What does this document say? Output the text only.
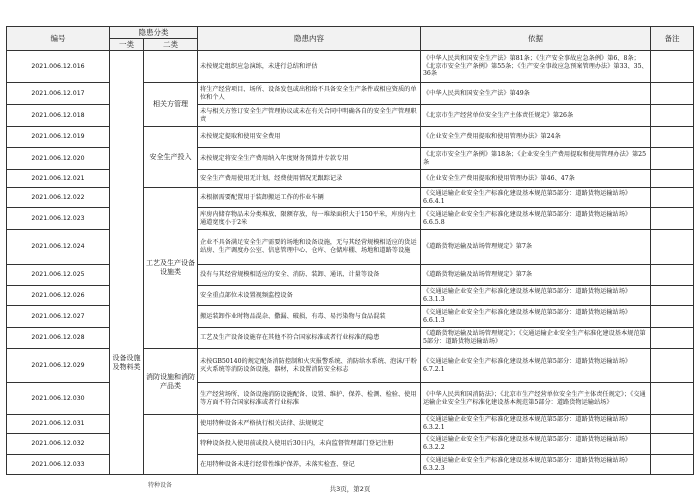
编号	隐患分类		隐患内容	依据	备注
	一类	二类			
2021.006.12.016	设备设施及物料类		未按规定组织应急演练，未进行总结和评估	《中华人民共和国安全生产法》第81条；《生产安全事故应急条例》第6、8条；《北京市安全生产条例》第55条；《生产安全事故应急预案管理办法》第33、35、36条	
2021.006.12.017		相关方管理	将生产经营项目、场所、设备发包或出租给不具备安全生产条件或相应资质的单位和个人	《中华人民共和国安全生产法》第49条	
2021.006.12.018			未与相关方签订安全生产管理协议或未在有关合同中明确各自的安全生产管理职责	《北京市生产经营单位安全生产主体责任规定》第26条	
2021.006.12.019		安全生产投入	未按规定提取和使用安全费用	《企业安全生产费用提取和使用管理办法》第24条	
2021.006.12.020			未按规定将安全生产费用纳入年度财务预算并专款专用	《北京市安全生产条例》第18条；《企业安全生产费用提取和使用管理办法》第25条	
2021.006.12.021			安全生产费用使用无计划，经费使用情况无跟踪记录	《企业安全生产费用提取和使用管理办法》第46、47条	
2021.006.12.022		工艺及生产设备设施类	未根据需要配置用于装卸搬运工作的作业车辆	《交通运输企业安全生产标准化建设基本规范第5部分：道路货物运输站场》6.6.4.1	
2021.006.12.023			库房内储存物品未分类堆放、限额存放，每一堆垛面积大于150平米，库房内主通道宽度小于2米	《交通运输企业安全生产标准化建设基本规范第5部分：道路货物运输站场》6.6.5.8	
2021.006.12.024			企业不具备满足安全生产需要的场地和设备设施，无与其经营规模相适应的货运站房、生产调度办公室、信息管理中心、仓库、仓储库棚、场地和道路等设施	《道路货物运输及站场管理规定》第7条	
2021.006.12.025			没有与其经营规模相适应的安全、消防、装卸、通讯、计量等设备	《道路货物运输及站场管理规定》第7条	
2021.006.12.026			安全重点部位未设置视频监控设备	《交通运输企业安全生产标准化建设基本规范第5部分：道路货物运输站场》6.3.1.3	
2021.006.12.027			搬运装卸作业时物品混杂、撒漏、破损，有毒、易污染物与食品混装	《交通运输企业安全生产标准化建设基本规范第5部分：道路货物运输站场》6.6.1.3	
2021.006.12.028			工艺及生产设备设施存在其他不符合国家标准或者行业标准的隐患	《道路货物运输及站场管理规定》；《交通运输企业安全生产标准化建设基本规范第5部分：道路货物运输站场》	
2021.006.12.029		消防设施和消防产品类	未按GB50140的规定配备消防控制和火灾报警系统、消防给水系统、泡沫/干粉灭火系统等消防设备设施，器材，未设置消防安全标志	《交通运输企业安全生产标准化建设基本规范第5部分：道路货物运输站场》6.7.2.1	
2021.006.12.030			生产经营场所、设备设施消防设施配备、设置、维护、保养、检测、检验、使用等方面不符合国家标准或者行业标准	《中华人民共和国消防法》；《北京市生产经营单位安全生产主体责任规定》；《交通运输企业安全生产标准化建设基本规范第5部分：道路货物运输站场》	
2021.006.12.031			使用特种设备未严格执行相关法律、法规规定	《交通运输企业安全生产标准化建设基本规范第5部分：道路货物运输站场》6.3.2.1	
2021.006.12.032			特种设备投入使用前或投入使用后30日内，未向监督管理部门登记注册	《交通运输企业安全生产标准化建设基本规范第5部分：道路货物运输站场》6.3.2.2	
2021.006.12.033			在用特种设备未进行经常性维护保养，未落实检查、登记	《交通运输企业安全生产标准化建设基本规范第5部分：道路货物运输站场》6.3.2.3	
特种设备	共3页，第2页
